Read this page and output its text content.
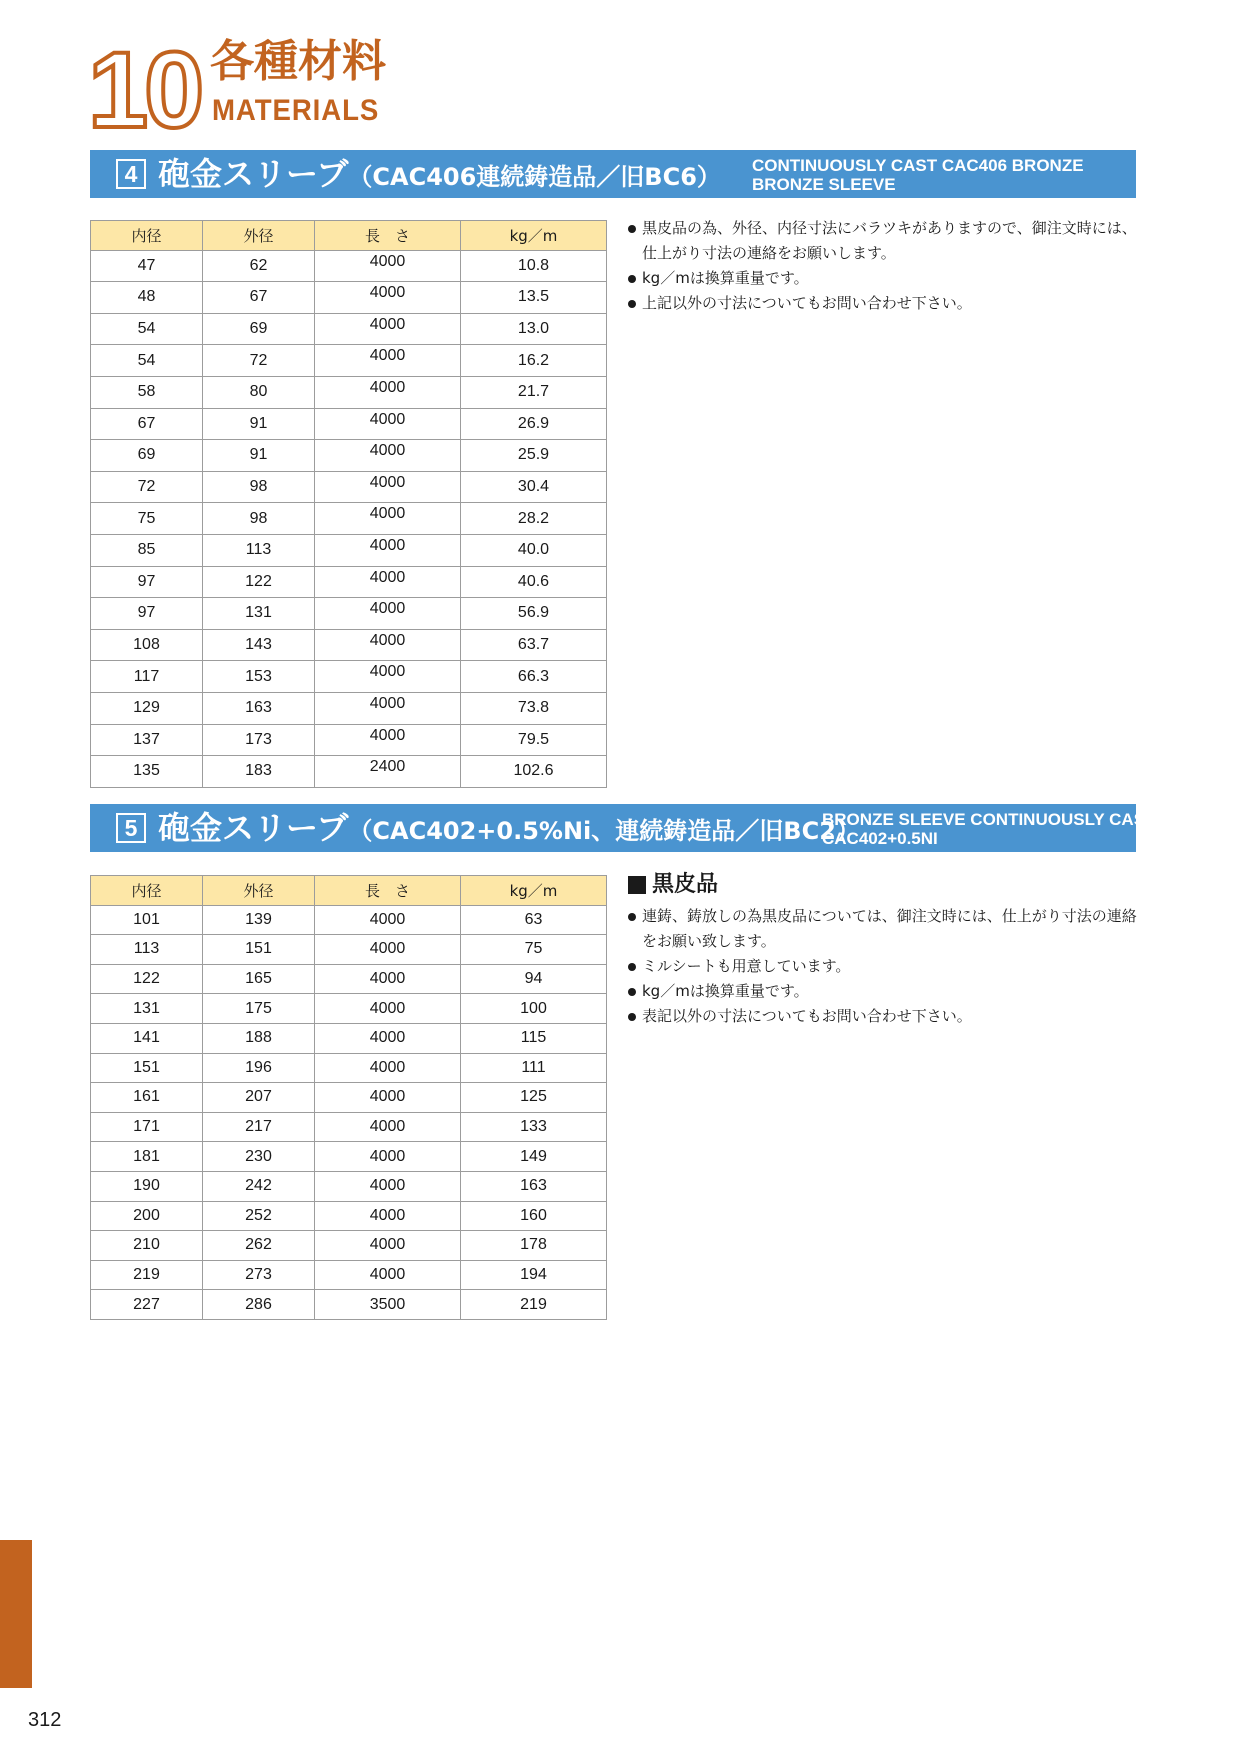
10 各種材料
MATERIALS
4 砲金スリーブ（CAC406連続鋳造品／旧BC6） CONTINUOUSLY CAST CAC406 BRONZE
BRONZE SLEEVE
内径	外径	長　さ	kg／m
47	62	4000	10.8
48	67	4000	13.5
54	69	4000	13.0
54	72	4000	16.2
58	80	4000	21.7
67	91	4000	26.9
69	91	4000	25.9
72	98	4000	30.4
75	98	4000	28.2
85	113	4000	40.0
97	122	4000	40.6
97	131	4000	56.9
108	143	4000	63.7
117	153	4000	66.3
129	163	4000	73.8
137	173	4000	79.5
135	183	2400	102.6
黒皮品の為、外径、内径寸法にバラツキがありますので、御注文時には、仕上がり寸法の連絡をお願いします。
kg／mは換算重量です。
上記以外の寸法についてもお問い合わせ下さい。
5 砲金スリーブ（CAC402+0.5%Ni、連続鋳造品／旧BC2）
BRONZE SLEEVE CONTINUOUSLY CAST
CAC402+0.5NI
内径	外径	長　さ	kg／m
101	139	4000	63
113	151	4000	75
122	165	4000	94
131	175	4000	100
141	188	4000	115
151	196	4000	111
161	207	4000	125
171	217	4000	133
181	230	4000	149
190	242	4000	163
200	252	4000	160
210	262	4000	178
219	273	4000	194
227	286	3500	219
黒皮品
連鋳、鋳放しの為黒皮品については、御注文時には、仕上がり寸法の連絡をお願い致します。
ミルシートも用意しています。
kg／mは換算重量です。
表記以外の寸法についてもお問い合わせ下さい。
312
